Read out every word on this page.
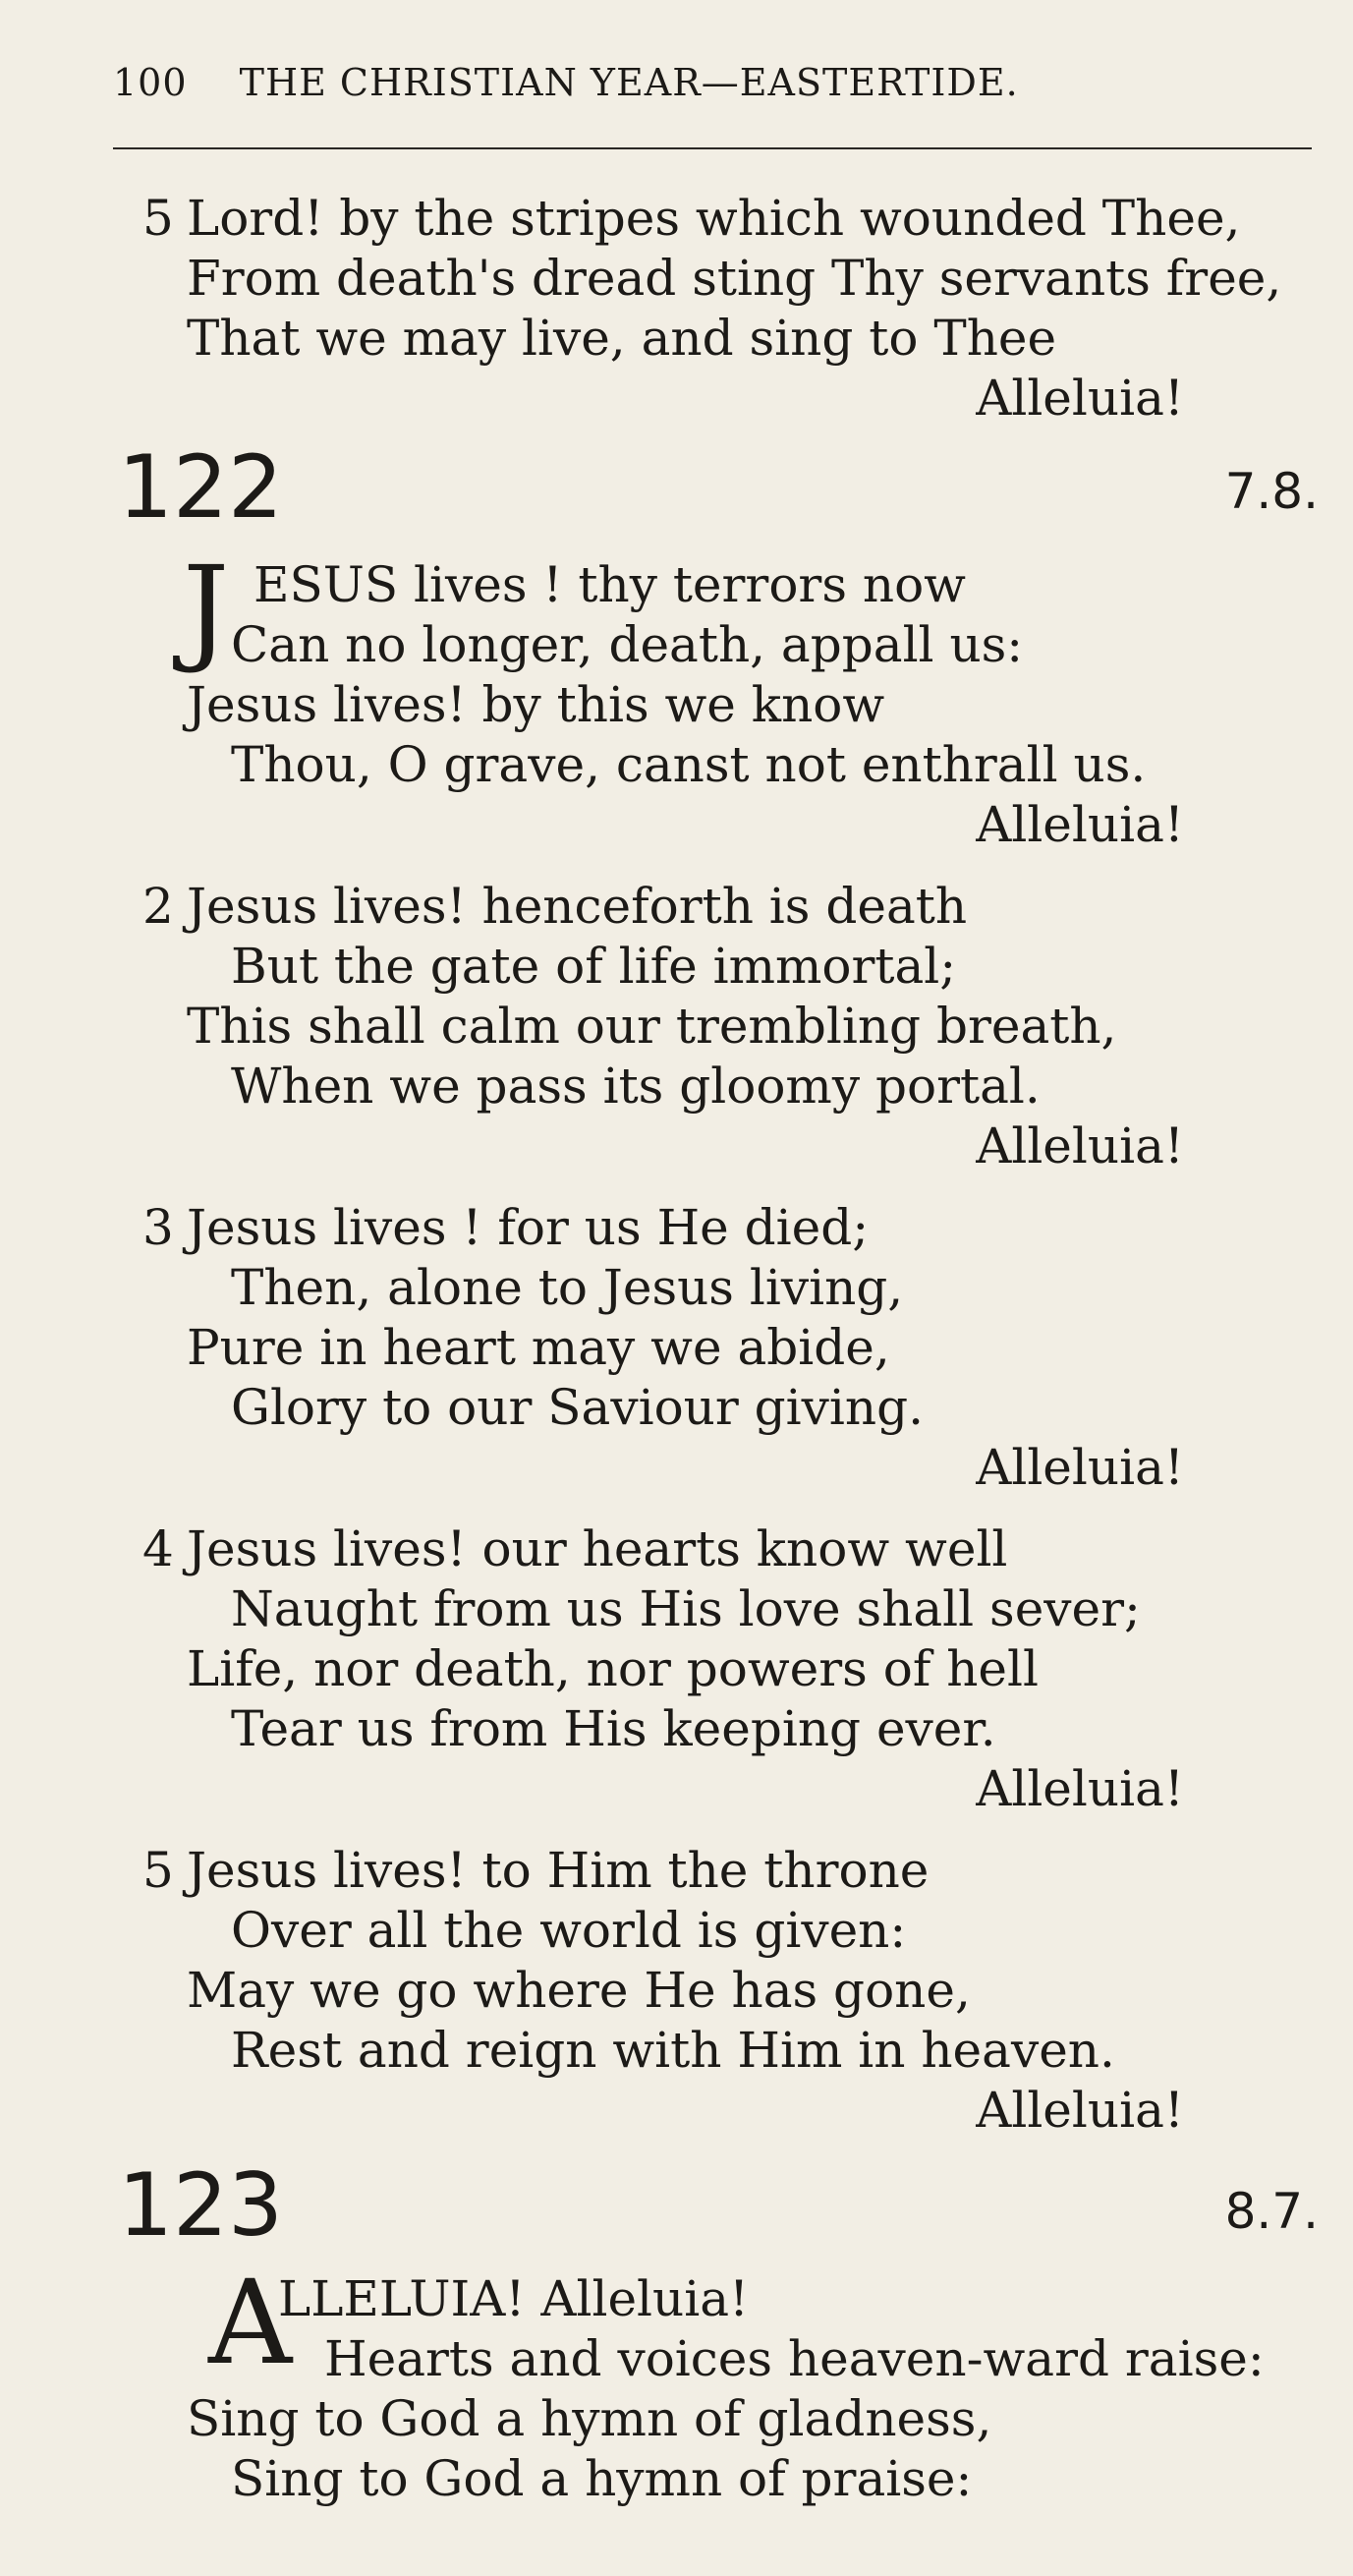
100 THE CHRISTIAN YEAR—EASTERTIDE.
5 Lord! by the stripes which wounded Thee,
From death's dread sting Thy servants free,
That we may live, and sing to Thee
Alleluia!
122	7.8.
J ESUS lives ! thy terrors now
Can no longer, death, appall us:
Jesus lives! by this we know
Thou, O grave, canst not enthrall us.
Alleluia!
2 Jesus lives! henceforth is death
But the gate of life immortal;
This shall calm our trembling breath,
When we pass its gloomy portal.
Alleluia!
3 Jesus lives ! for us He died;
Then, alone to Jesus living,
Pure in heart may we abide,
Glory to our Saviour giving.
Alleluia!
4 Jesus lives! our hearts know well
Naught from us His love shall sever;
Life, nor death, nor powers of hell
Tear us from His keeping ever.
Alleluia!
5 Jesus lives! to Him the throne
Over all the world is given:
May we go where He has gone,
Rest and reign with Him in heaven.
Alleluia!
123	8.7.
A
LLELUIA! Alleluia!
Hearts and voices heaven-ward raise:
Sing to God a hymn of gladness,
Sing to God a hymn of praise:
